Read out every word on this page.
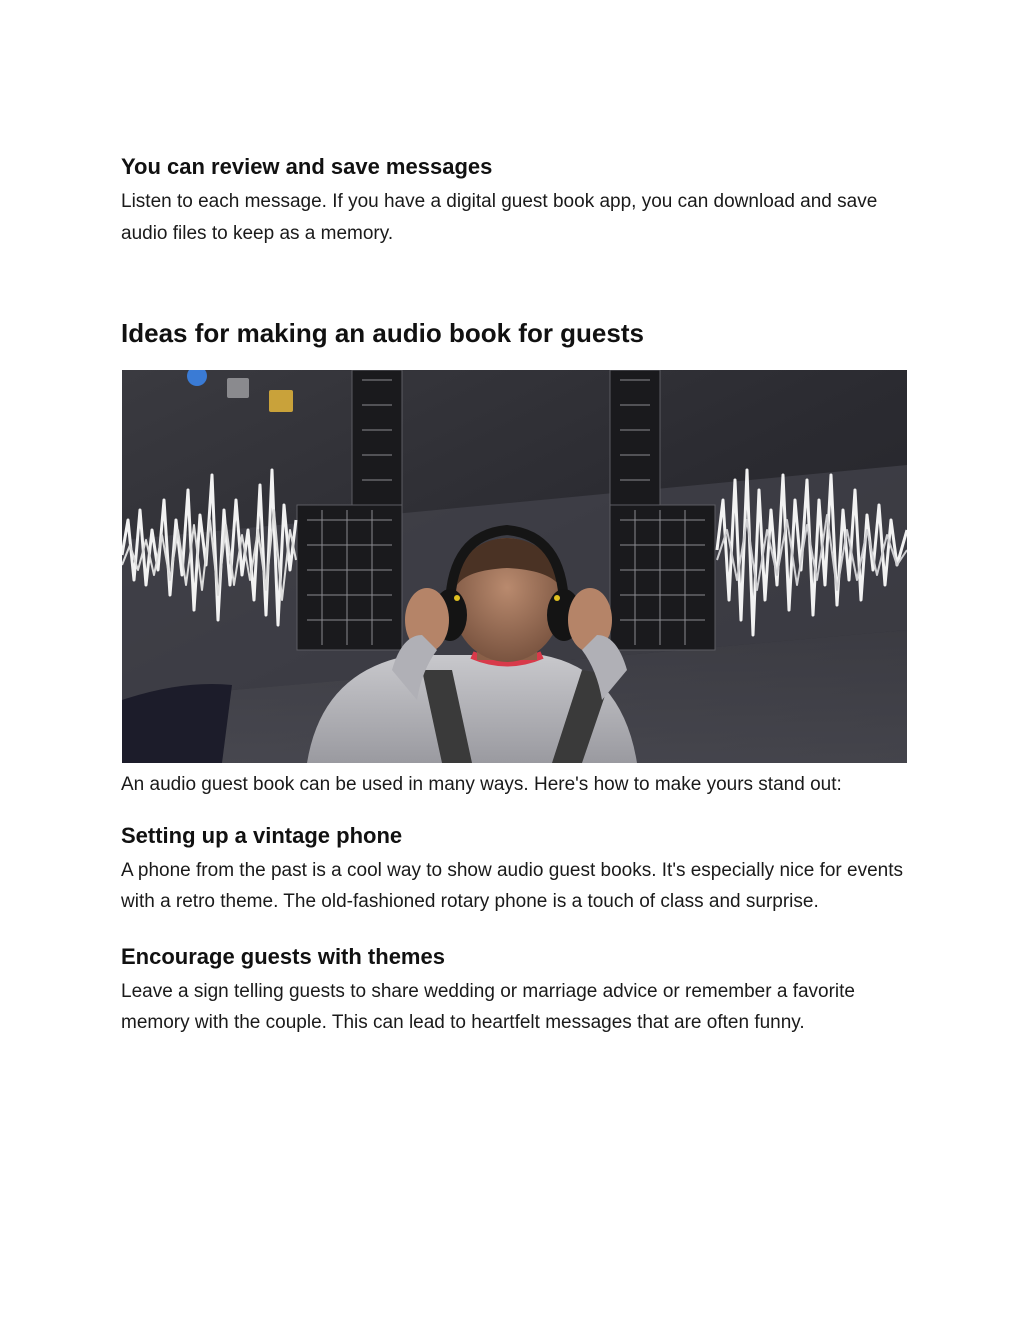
You can review and save messages

Listen to each message. If you have a digital guest book app, you can download and save audio files to keep as a memory.

Ideas for making an audio book for guests

An audio guest book can be used in many ways. Here's how to make yours stand out:

Setting up a vintage phone

A phone from the past is a cool way to show audio guest books. It's especially nice for events with a retro theme. The old-fashioned rotary phone is a touch of class and surprise.

Encourage guests with themes

Leave a sign telling guests to share wedding or marriage advice or remember a favorite memory with the couple. This can lead to heartfelt messages that are often funny.
